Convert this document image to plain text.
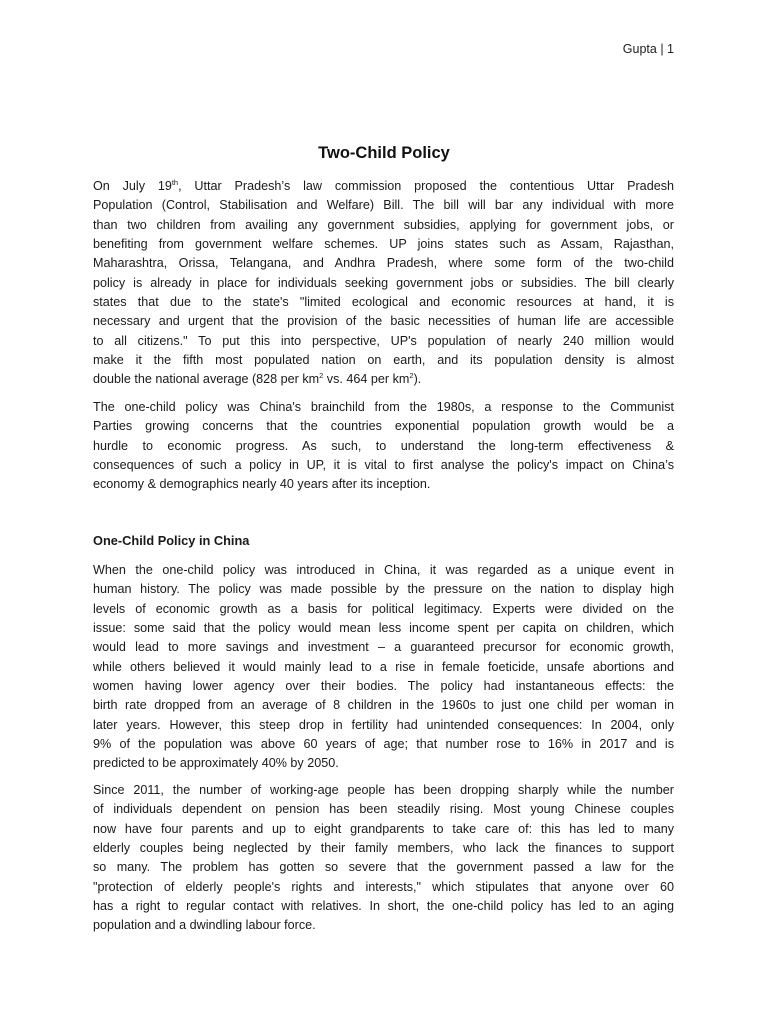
Gupta | 1
Two-Child Policy
On July 19th, Uttar Pradesh’s law commission proposed the contentious Uttar Pradesh
Population (Control, Stabilisation and Welfare) Bill. The bill will bar any individual with more
than two children from availing any government subsidies, applying for government jobs, or
benefiting from government welfare schemes. UP joins states such as Assam, Rajasthan,
Maharashtra, Orissa, Telangana, and Andhra Pradesh, where some form of the two-child
policy is already in place for individuals seeking government jobs or subsidies. The bill clearly
states that due to the state's "limited ecological and economic resources at hand, it is
necessary and urgent that the provision of the basic necessities of human life are accessible
to all citizens." To put this into perspective, UP's population of nearly 240 million would
make it the fifth most populated nation on earth, and its population density is almost
double the national average (828 per $km^2$ vs. 464 per $km^2$).
The one-child policy was China's brainchild from the 1980s, a response to the Communist
Parties growing concerns that the countries exponential population growth would be a
hurdle to economic progress. As such, to understand the long-term effectiveness &
consequences of such a policy in UP, it is vital to first analyse the policy's impact on China’s
economy & demographics nearly 40 years after its inception.
One-Child Policy in China
When the one-child policy was introduced in China, it was regarded as a unique event in
human history. The policy was made possible by the pressure on the nation to display high
levels of economic growth as a basis for political legitimacy. Experts were divided on the
issue: some said that the policy would mean less income spent per capita on children, which
would lead to more savings and investment – a guaranteed precursor for economic growth,
while others believed it would mainly lead to a rise in female foeticide, unsafe abortions and
women having lower agency over their bodies. The policy had instantaneous effects: the
birth rate dropped from an average of 8 children in the 1960s to just one child per woman in
later years. However, this steep drop in fertility had unintended consequences: In 2004, only
9% of the population was above 60 years of age; that number rose to 16% in 2017 and is
predicted to be approximately 40% by 2050.
Since 2011, the number of working-age people has been dropping sharply while the number
of individuals dependent on pension has been steadily rising. Most young Chinese couples
now have four parents and up to eight grandparents to take care of: this has led to many
elderly couples being neglected by their family members, who lack the finances to support
so many. The problem has gotten so severe that the government passed a law for the
"protection of elderly people's rights and interests," which stipulates that anyone over 60
has a right to regular contact with relatives. In short, the one-child policy has led to an aging
population and a dwindling labour force.
